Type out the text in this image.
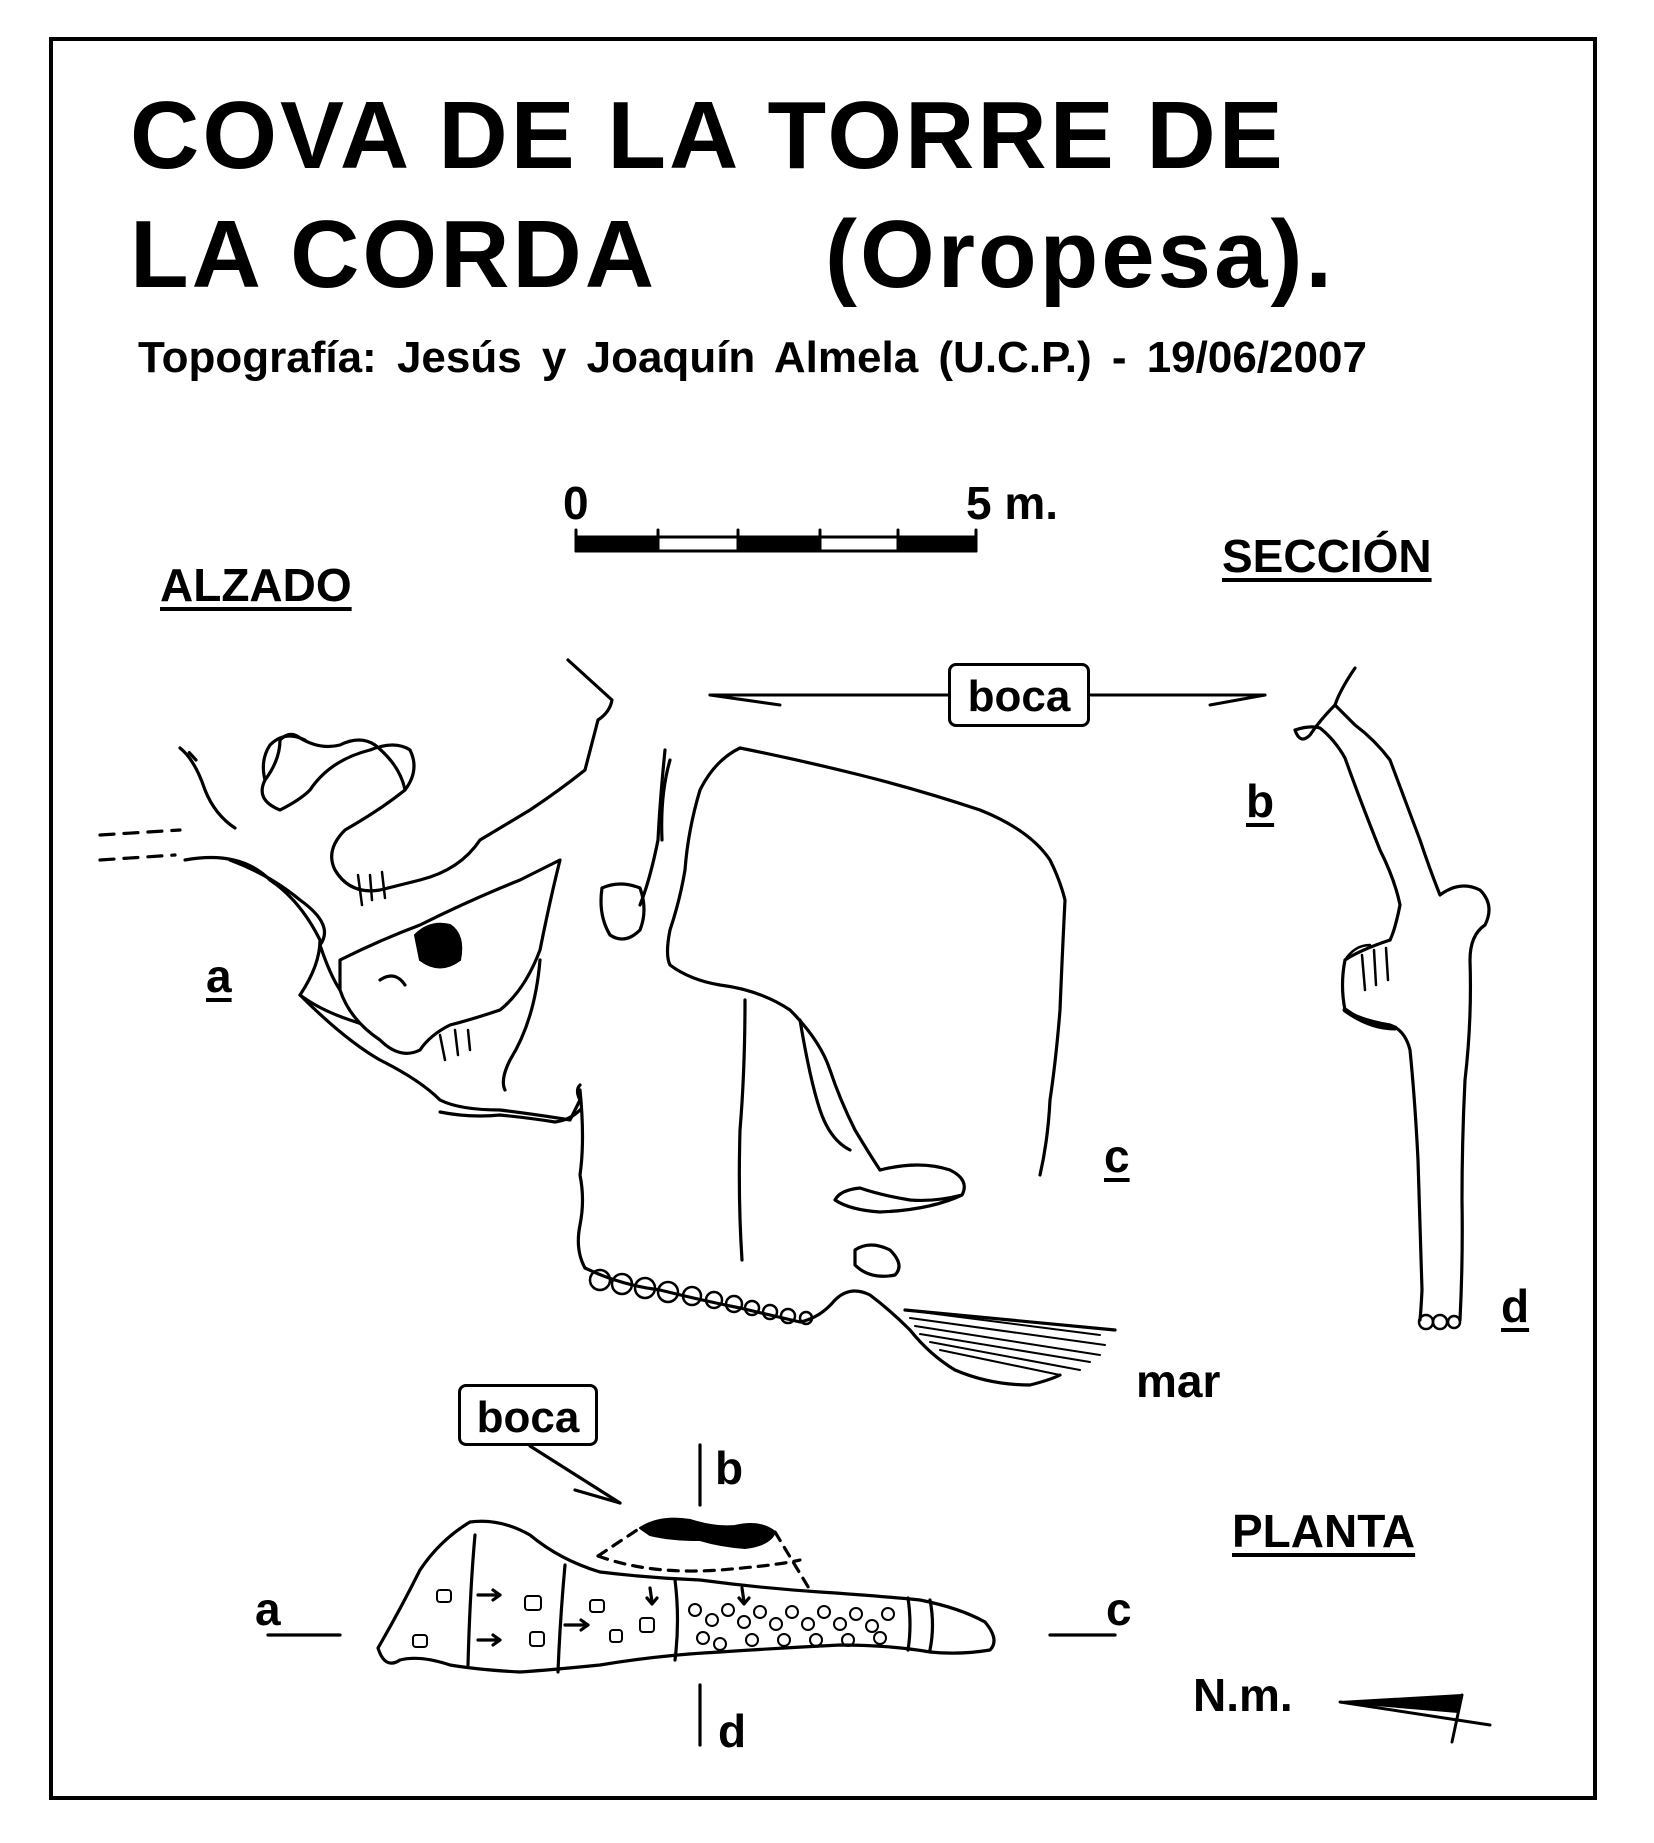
COVA DE LA TORRE DE
LA CORDA (Oropesa).
Topografía: Jesús y Joaquín Almela (U.C.P.) - 19/06/2007
0	5 m.
ALZADO
SECCIÓN
PLANTA
boca
boca
a
b
c
d
mar
a
b
c
d
N.m.
